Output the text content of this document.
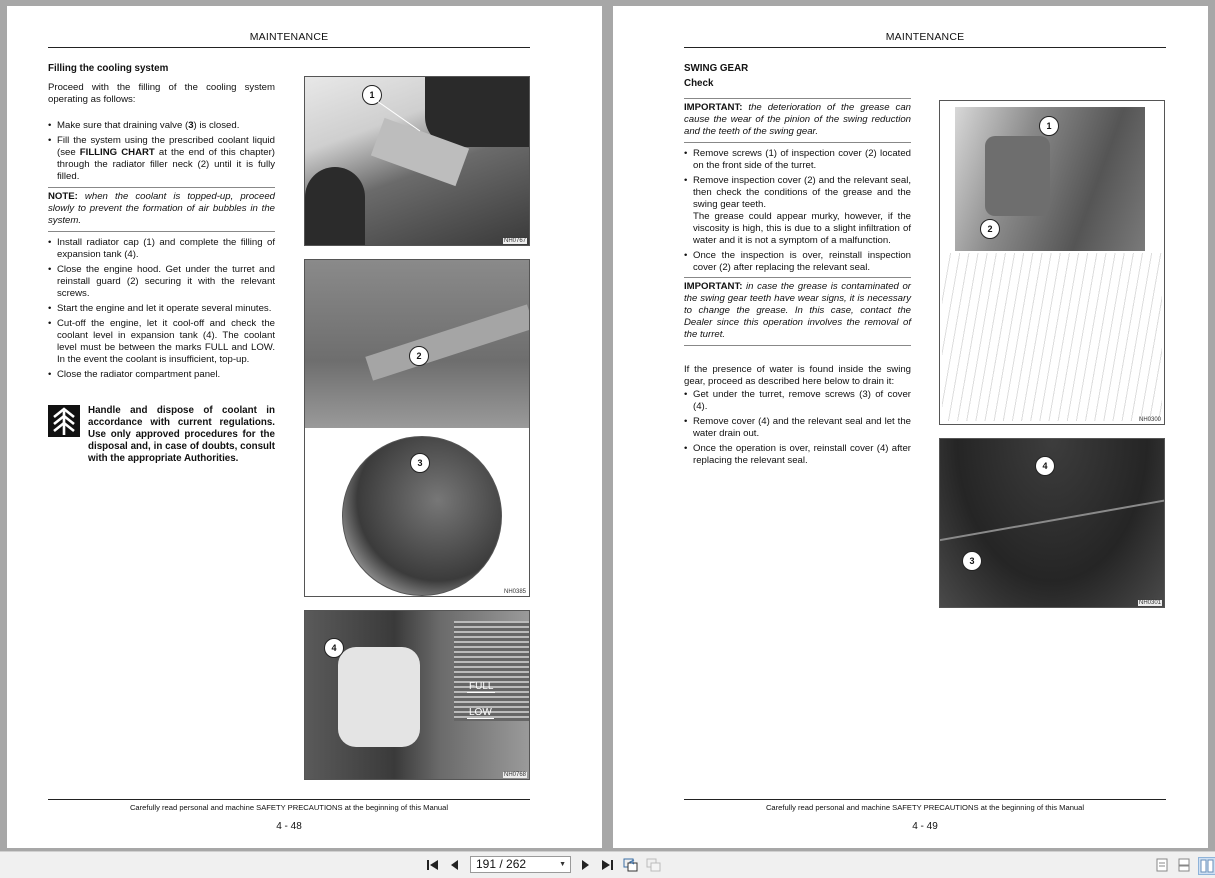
MAINTENANCE
Filling the cooling system

Proceed with the filling of the cooling system operating as follows:

• Make sure that draining valve (3) is closed.
• Fill the system using the prescribed coolant liquid (see FILLING CHART at the end of this chapter) through the radiator filler neck (2) until it is fully filled.
NOTE: when the coolant is topped-up, proceed slowly to prevent the formation of air bubbles in the system.
• Install radiator cap (1) and complete the filling of expansion tank (4).
• Close the engine hood. Get under the turret and reinstall guard (2) securing it with the relevant screws.
• Start the engine and let it operate several minutes.
• Cut-off the engine, let it cool-off and check the coolant level in expansion tank (4). The coolant level must be between the marks FULL and LOW. In the event the coolant is insufficient, top-up.
• Close the radiator compartment panel.
Handle and dispose of coolant in accordance with current regulations. Use only approved procedures for the disposal and, in case of doubts, consult with the appropriate Authorities.
1
NH0767
2
3
NH0385
4
FULL
LOW
NH0768
Carefully read personal and machine SAFETY PRECAUTIONS at the beginning of this Manual
4 - 48
MAINTENANCE
SWING GEAR
Check
IMPORTANT: the deterioration of the grease can cause the wear of the pinion of the swing reduction and the teeth of the swing gear.
• Remove screws (1) of inspection cover (2) located on the front side of the turret.
• Remove inspection cover (2) and the relevant seal, then check the conditions of the grease and the swing gear teeth.
The grease could appear murky, however, if the viscosity is high, this is due to a slight infiltration of water and it is not a symptom of a malfunction.
• Once the inspection is over, reinstall inspection cover (2) after replacing the relevant seal.
IMPORTANT: in case the grease is contaminated or the swing gear teeth have wear signs, it is necessary to change the grease. In this case, contact the Dealer since this operation involves the removal of the turret.

If the presence of water is found inside the swing gear, proceed as described here below to drain it:

• Get under the turret, remove screws (3) of cover (4).
• Remove cover (4) and the relevant seal and let the water drain out.
• Once the operation is over, reinstall cover (4) after replacing the relevant seal.
1
2
NH0300
4
3
NH0301
Carefully read personal and machine SAFETY PRECAUTIONS at the beginning of this Manual
4 - 49
191 / 262	▼
